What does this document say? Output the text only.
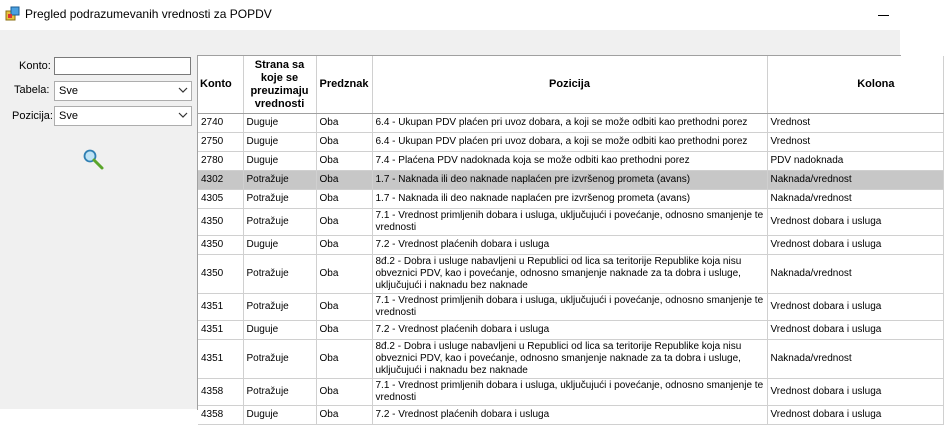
Pregled podrazumevanih vrednosti za POPDV
Konto:
Tabela: Sve
Pozicija: Sve
Konto	Strana sa koje se preuzimaju vrednosti	Predznak	Pozicija	Kolona
2740	Duguje	Oba	6.4 - Ukupan PDV plaćen pri uvoz dobara, a koji se može odbiti kao prethodni porez	Vrednost
2750	Duguje	Oba	6.4 - Ukupan PDV plaćen pri uvoz dobara, a koji se može odbiti kao prethodni porez	Vrednost
2780	Duguje	Oba	7.4 - Plaćena PDV nadoknada koja se može odbiti kao prethodni porez	PDV nadoknada
4302	Potražuje	Oba	1.7 - Naknada ili deo naknade naplaćen pre izvršenog prometa (avans)	Naknada/vrednost
4305	Potražuje	Oba	1.7 - Naknada ili deo naknade naplaćen pre izvršenog prometa (avans)	Naknada/vrednost
4350	Potražuje	Oba	7.1 - Vrednost primljenih dobara i usluga, uključujući i povećanje, odnosno smanjenje te vrednosti	Vrednost dobara i usluga
4350	Duguje	Oba	7.2 - Vrednost plaćenih dobara i usluga	Vrednost dobara i usluga
4350	Potražuje	Oba	8đ.2 - Dobra i usluge nabavljeni u Republici od lica sa teritorije Republike koja nisu obveznici PDV, kao i povećanje, odnosno smanjenje naknade za ta dobra i usluge, uključujući i naknadu bez naknade	Naknada/vrednost
4351	Potražuje	Oba	7.1 - Vrednost primljenih dobara i usluga, uključujući i povećanje, odnosno smanjenje te vrednosti	Vrednost dobara i usluga
4351	Duguje	Oba	7.2 - Vrednost plaćenih dobara i usluga	Vrednost dobara i usluga
4351	Potražuje	Oba	8đ.2 - Dobra i usluge nabavljeni u Republici od lica sa teritorije Republike koja nisu obveznici PDV, kao i povećanje, odnosno smanjenje naknade za ta dobra i usluge, uključujući i naknadu bez naknade	Naknada/vrednost
4358	Potražuje	Oba	7.1 - Vrednost primljenih dobara i usluga, uključujući i povećanje, odnosno smanjenje te vrednosti	Vrednost dobara i usluga
4358	Duguje	Oba	7.2 - Vrednost plaćenih dobara i usluga	Vrednost dobara i usluga
